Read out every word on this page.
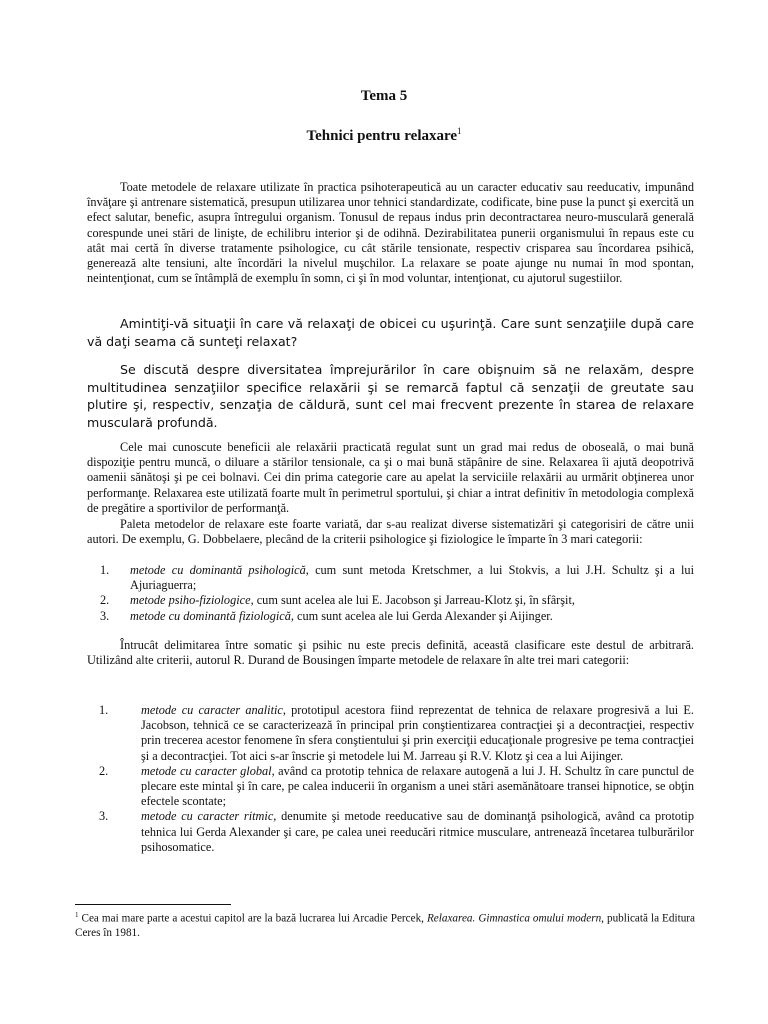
Tema 5
Tehnici pentru relaxare$^1$

Toate metodele de relaxare utilizate în practica psihoterapeutică au un caracter educativ sau reeducativ, impunând învăţare şi antrenare sistematică, presupun utilizarea unor tehnici standardizate, codificate, bine puse la punct şi exercită un efect salutar, benefic, asupra întregului organism. Tonusul de repaus indus prin decontractarea neuro-musculară generală corespunde unei stări de linişte, de echilibru interior şi de odihnă. Dezirabilitatea punerii organismului în repaus este cu atât mai certă în diverse tratamente psihologice, cu cât stările tensionate, respectiv crisparea sau încordarea psihică, generează alte tensiuni, alte încordări la nivelul muşchilor. La relaxare se poate ajunge nu numai în mod spontan, neintenţionat, cum se întâmplă de exemplu în somn, ci şi în mod voluntar, intenţionat, cu ajutorul sugestiilor.

Amintiţi-vă situaţii în care vă relaxaţi de obicei cu uşurinţă. Care sunt senzaţiile după care vă daţi seama că sunteţi relaxat?

Se discută despre diversitatea împrejurărilor în care obişnuim să ne relaxăm, despre multitudinea senzaţiilor specifice relaxării şi se remarcă faptul că senzaţii de greutate sau plutire şi, respectiv, senzaţia de căldură, sunt cel mai frecvent prezente în starea de relaxare musculară profundă.

Cele mai cunoscute beneficii ale relaxării practicată regulat sunt un grad mai redus de oboseală, o mai bună dispoziţie pentru muncă, o diluare a stărilor tensionale, ca şi o mai bună stăpânire de sine. Relaxarea îi ajută deopotrivă oamenii sănătoşi şi pe cei bolnavi. Cei din prima categorie care au apelat la serviciile relaxării au urmărit obţinerea unor performanţe. Relaxarea este utilizată foarte mult în perimetrul sportului, şi chiar a intrat definitiv în metodologia complexă de pregătire a sportivilor de performanţă.

Paleta metodelor de relaxare este foarte variată, dar s-au realizat diverse sistematizări şi categorisiri de către unii autori. De exemplu, G. Dobbelaere, plecând de la criterii psihologice şi fiziologice le împarte în 3 mari categorii:

1. metode cu dominantă psihologică, cum sunt metoda Kretschmer, a lui Stokvis, a lui J.H. Schultz şi a lui Ajuriaguerra;
2. metode psiho-fiziologice, cum sunt acelea ale lui E. Jacobson şi Jarreau-Klotz şi, în sfârşit,
3. metode cu dominantă fiziologică, cum sunt acelea ale lui Gerda Alexander şi Aijinger.

Întrucât delimitarea între somatic şi psihic nu este precis definită, această clasificare este destul de arbitrară. Utilizând alte criterii, autorul R. Durand de Bousingen împarte metodele de relaxare în alte trei mari categorii:

1.	metode cu caracter analitic, prototipul acestora fiind reprezentat de tehnica de relaxare progresivă a lui E. Jacobson, tehnică ce se caracterizează în principal prin conştientizarea contracţiei şi a decontracţiei, respectiv prin trecerea acestor fenomene în sfera conştientului şi prin exerciţii educaţionale progresive pe tema contracţiei şi a decontracţiei. Tot aici s-ar înscrie şi metodele lui M. Jarreau şi R.V. Klotz şi cea a lui Aijinger.
2.	metode cu caracter global, având ca prototip tehnica de relaxare autogenă a lui J. H. Schultz în care punctul de plecare este mintal şi în care, pe calea inducerii în organism a unei stări asemănătoare transei hipnotice, se obţin efectele scontate;
3.	metode cu caracter ritmic, denumite şi metode reeducative sau de dominanţă psihologică, având ca prototip tehnica lui Gerda Alexander şi care, pe calea unei reeducări ritmice musculare, antrenează încetarea tulburărilor psihosomatice.
$^1$ Cea mai mare parte a acestui capitol are la bază lucrarea lui Arcadie Percek, Relaxarea. Gimnastica omului modern, publicată la Editura Ceres în 1981.
